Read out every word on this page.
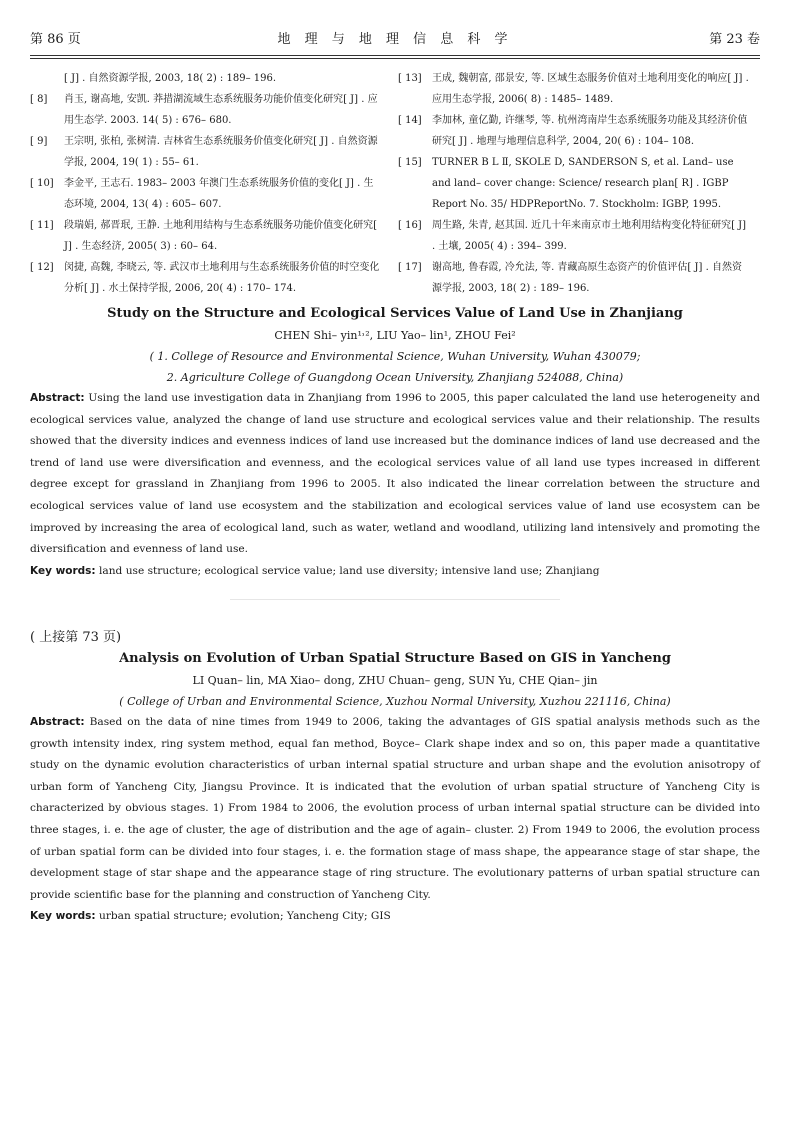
第 86 页	地 理 与 地 理 信 息 科 学	第 23 卷

[ J] . 自然资源学报, 2003, 18( 2) : 189– 196.

[ 8] 肖玉, 谢高地, 安凯. 莽措湖流域生态系统服务功能价值变化研究[ J] . 应用生态学. 2003. 14( 5) : 676– 680.

[ 9] 王宗明, 张柏, 张树清. 吉林省生态系统服务价值变化研究[ J] . 自然资源学报, 2004, 19( 1) : 55– 61.

[ 10] 李金平, 王志石. 1983– 2003 年澳门生态系统服务价值的变化[ J] . 生态环境, 2004, 13( 4) : 605– 607.

[ 11] 段瑞娟, 郝晋珉, 王静. 土地利用结构与生态系统服务功能价值变化研究[ J] . 生态经济, 2005( 3) : 60– 64.

[ 12] 闵捷, 高魏, 李晓云, 等. 武汉市土地利用与生态系统服务价值的时空变化分析[ J] . 水土保持学报, 2006, 20( 4) : 170– 174.

[ 13] 王成, 魏朝富, 邵景安, 等. 区域生态服务价值对土地利用变化的响应[ J] . 应用生态学报, 2006( 8) : 1485– 1489.

[ 14] 李加林, 童亿勤, 许继琴, 等. 杭州湾南岸生态系统服务功能及其经济价值研究[ J] . 地理与地理信息科学, 2004, 20( 6) : 104– 108.

[ 15] TURNER B L Ⅱ, SKOLE D, SANDERSON S, et al. Land– use and land– cover change: Science/ research plan[ R] . IGBP Report No. 35/ HDPReportNo. 7. Stockholm: IGBP, 1995.

[ 16] 周生路, 朱青, 赵其国. 近几十年来南京市土地利用结构变化特征研究[ J] . 土壤, 2005( 4) : 394– 399.

[ 17] 谢高地, 鲁春霞, 冷允法, 等. 青藏高原生态资产的价值评估[ J] . 自然资源学报, 2003, 18( 2) : 189– 196.

Study on the Structure and Ecological Services Value of Land Use in Zhanjiang

CHEN Shi– yin¹˒², LIU Yao– lin¹, ZHOU Fei²

( 1. College of Resource and Environmental Science, Wuhan University, Wuhan 430079;

2. Agriculture College of Guangdong Ocean University, Zhanjiang 524088, China)

Abstract: Using the land use investigation data in Zhanjiang from 1996 to 2005, this paper calculated the land use heterogeneity and ecological services value, analyzed the change of land use structure and ecological services value and their relationship. The results showed that the diversity indices and evenness indices of land use increased but the dominance indices of land use decreased and the trend of land use were diversification and evenness, and the ecological services value of all land use types increased in different degree except for grassland in Zhanjiang from 1996 to 2005. It also indicated the linear correlation between the structure and ecological services value of land use ecosystem and the stabilization and ecological services value of land use ecosystem can be improved by increasing the area of ecological land, such as water, wetland and woodland, utilizing land intensively and promoting the diversification and evenness of land use.

Key words: land use structure; ecological service value; land use diversity; intensive land use; Zhanjiang

( 上接第 73 页)

Analysis on Evolution of Urban Spatial Structure Based on GIS in Yancheng

LI Quan– lin, MA Xiao– dong, ZHU Chuan– geng, SUN Yu, CHE Qian– jin

( College of Urban and Environmental Science, Xuzhou Normal University, Xuzhou 221116, China)

Abstract: Based on the data of nine times from 1949 to 2006, taking the advantages of GIS spatial analysis methods such as the growth intensity index, ring system method, equal fan method, Boyce– Clark shape index and so on, this paper made a quantitative study on the dynamic evolution characteristics of urban internal spatial structure and urban shape and the evolution anisotropy of urban form of Yancheng City, Jiangsu Province. It is indicated that the evolution of urban spatial structure of Yancheng City is characterized by obvious stages. 1) From 1984 to 2006, the evolution process of urban internal spatial structure can be divided into three stages, i. e. the age of cluster, the age of distribution and the age of again– cluster. 2) From 1949 to 2006, the evolution process of urban spatial form can be divided into four stages, i. e. the formation stage of mass shape, the appearance stage of star shape, the development stage of star shape and the appearance stage of ring structure. The evolutionary patterns of urban spatial structure can provide scientific base for the planning and construction of Yancheng City.

Key words: urban spatial structure; evolution; Yancheng City; GIS
